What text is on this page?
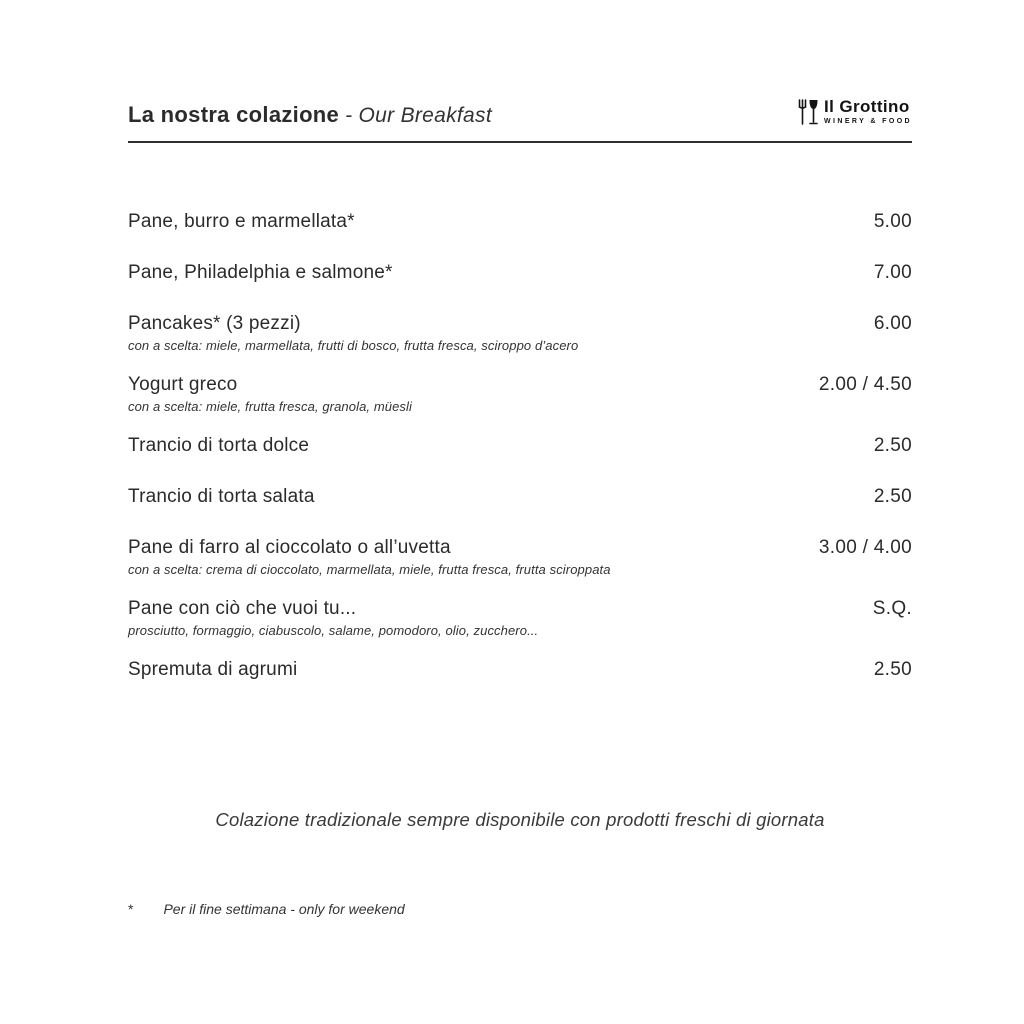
La nostra colazione - Our Breakfast	Il Grottino
WINERY & FOOD
Pane, burro e marmellata*	5.00
Pane, Philadelphia e salmone*	7.00
Pancakes* (3 pezzi)	6.00
con a scelta: miele, marmellata, frutti di bosco, frutta fresca, sciroppo d’acero
Yogurt greco	2.00 / 4.50
con a scelta: miele, frutta fresca, granola, müesli
Trancio di torta dolce	2.50
Trancio di torta salata	2.50
Pane di farro al cioccolato o all’uvetta	3.00 / 4.00
con a scelta: crema di cioccolato, marmellata, miele, frutta fresca, frutta sciroppata
Pane con ciò che vuoi tu...	S.Q.
prosciutto, formaggio, ciabuscolo, salame, pomodoro, olio, zucchero...
Spremuta di agrumi	2.50
Colazione tradizionale sempre disponibile con prodotti freschi di giornata
* Per il fine settimana - only for weekend
